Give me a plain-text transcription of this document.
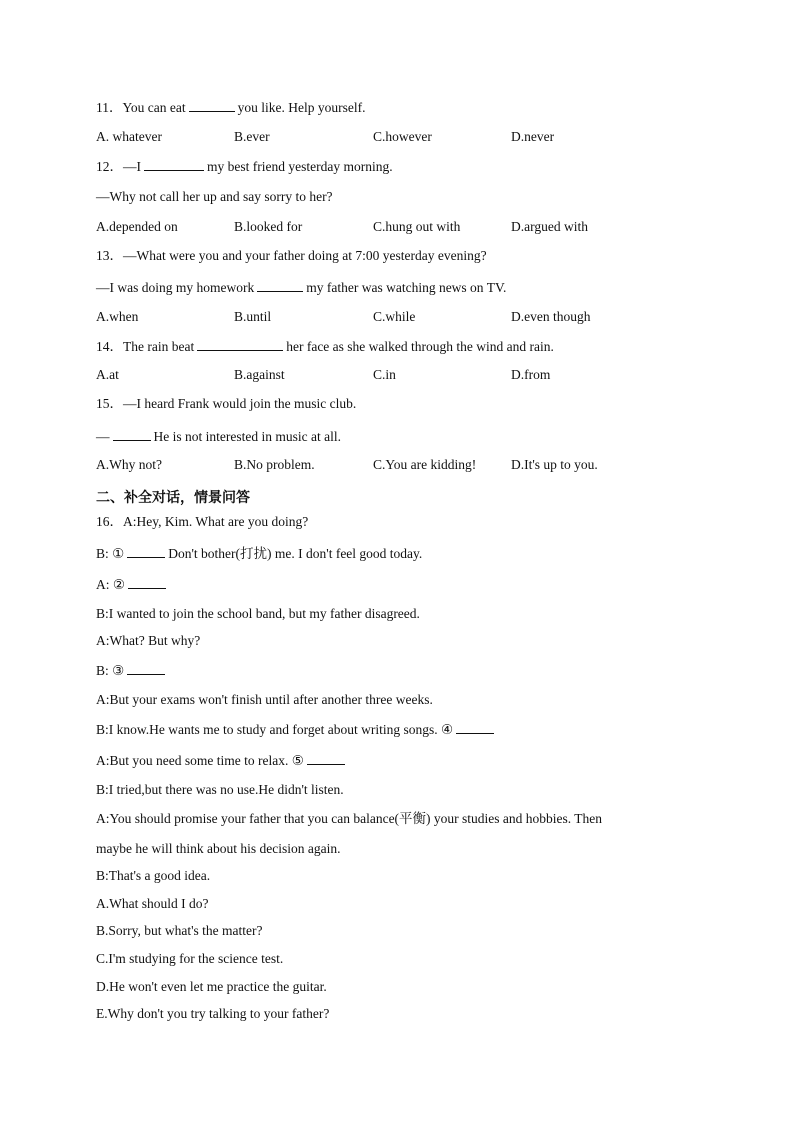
11．You can eat	you like. Help yourself.
A. whatever	B.ever	C.however	D.never
12．—I	my best friend yesterday morning.
—Why not call her up and say sorry to her?
A.depended on	B.looked for	C.hung out with	D.argued with
13．—What were you and your father doing at 7:00 yesterday evening?
—I was doing my homework	my father was watching news on TV.
A.when	B.until	C.while	D.even though
14．The rain beat	her face as she walked through the wind and rain.
A.at	B.against	C.in	D.from
15．—I heard Frank would join the music club.
—	He is not interested in music at all.
A.Why not?	B.No problem.	C.You are kidding!	D.It's up to you.
二、补全对话，情景问答
16．A:Hey, Kim. What are you doing?
B: ①	Don't bother(打扰) me. I don't feel good today.
A: ②
B:I wanted to join the school band, but my father disagreed.
A:What? But why?
B: ③
A:But your exams won't finish until after another three weeks.
B:I know.He wants me to study and forget about writing songs. ④
A:But you need some time to relax. ⑤
B:I tried,but there was no use.He didn't listen.
A:You should promise your father that you can balance(平衡) your studies and hobbies. Then
maybe he will think about his decision again.
B:That's a good idea.
A.What should I do?
B.Sorry, but what's the matter?
C.I'm studying for the science test.
D.He won't even let me practice the guitar.
E.Why don't you try talking to your father?
